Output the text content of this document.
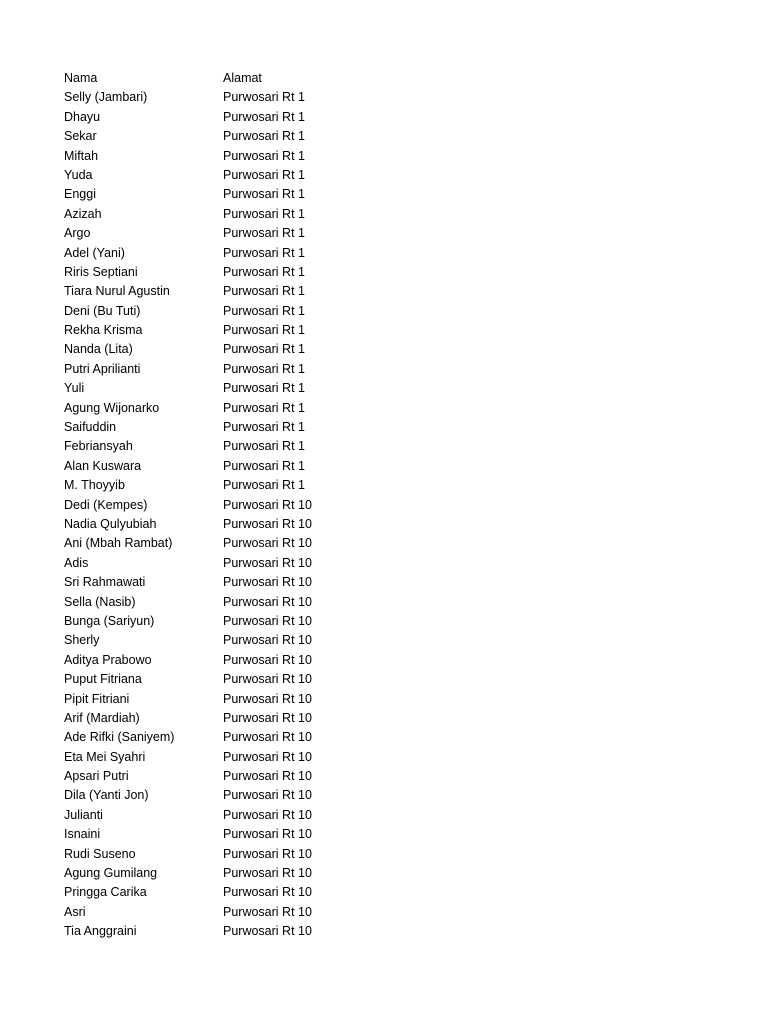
Nama	Alamat
Selly (Jambari)	Purwosari Rt 1
Dhayu	Purwosari Rt 1
Sekar	Purwosari Rt 1
Miftah	Purwosari Rt 1
Yuda	Purwosari Rt 1
Enggi	Purwosari Rt 1
Azizah	Purwosari Rt 1
Argo	Purwosari Rt 1
Adel (Yani)	Purwosari Rt 1
Riris Septiani	Purwosari Rt 1
Tiara Nurul Agustin	Purwosari Rt 1
Deni (Bu Tuti)	Purwosari Rt 1
Rekha Krisma	Purwosari Rt 1
Nanda (Lita)	Purwosari Rt 1
Putri Aprilianti	Purwosari Rt 1
Yuli	Purwosari Rt 1
Agung Wijonarko	Purwosari Rt 1
Saifuddin	Purwosari Rt 1
Febriansyah	Purwosari Rt 1
Alan Kuswara	Purwosari Rt 1
M. Thoyyib	Purwosari Rt 1
Dedi (Kempes)	Purwosari Rt 10
Nadia Qulyubiah	Purwosari Rt 10
Ani (Mbah Rambat)	Purwosari Rt 10
Adis	Purwosari Rt 10
Sri Rahmawati	Purwosari Rt 10
Sella (Nasib)	Purwosari Rt 10
Bunga (Sariyun)	Purwosari Rt 10
Sherly	Purwosari Rt 10
Aditya Prabowo	Purwosari Rt 10
Puput Fitriana	Purwosari Rt 10
Pipit Fitriani	Purwosari Rt 10
Arif (Mardiah)	Purwosari Rt 10
Ade Rifki (Saniyem)	Purwosari Rt 10
Eta Mei Syahri	Purwosari Rt 10
Apsari Putri	Purwosari Rt 10
Dila (Yanti Jon)	Purwosari Rt 10
Julianti	Purwosari Rt 10
Isnaini	Purwosari Rt 10
Rudi Suseno	Purwosari Rt 10
Agung Gumilang	Purwosari Rt 10
Pringga Carika	Purwosari Rt 10
Asri	Purwosari Rt 10
Tia Anggraini	Purwosari Rt 10
